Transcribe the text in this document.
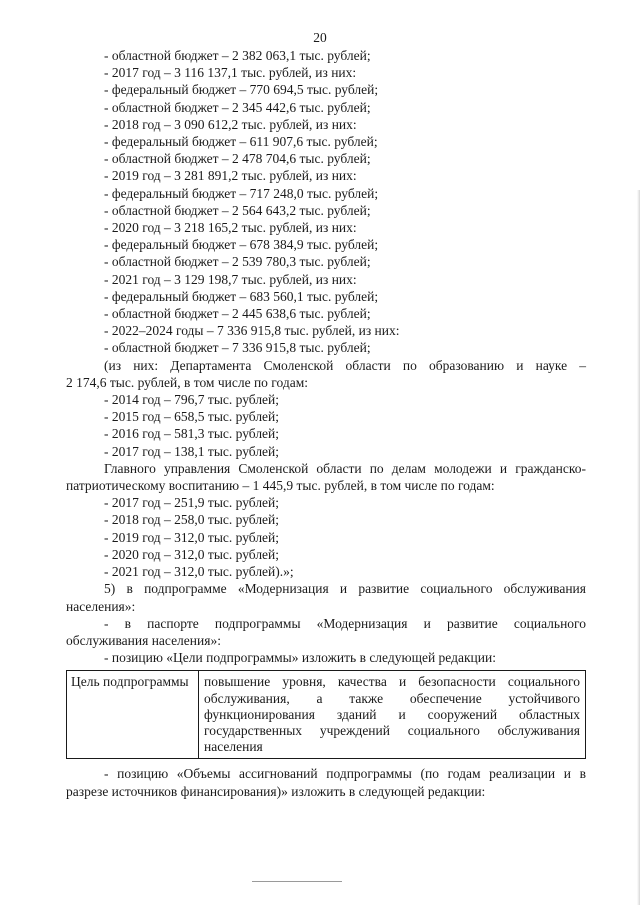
20
- областной бюджет – 2 382 063,1 тыс. рублей;
- 2017 год – 3 116 137,1 тыс. рублей, из них:
- федеральный бюджет – 770 694,5 тыс. рублей;
- областной бюджет – 2 345 442,6 тыс. рублей;
- 2018 год – 3 090 612,2 тыс. рублей, из них:
- федеральный бюджет – 611 907,6 тыс. рублей;
- областной бюджет – 2 478 704,6 тыс. рублей;
- 2019 год – 3 281 891,2 тыс. рублей, из них:
- федеральный бюджет – 717 248,0 тыс. рублей;
- областной бюджет – 2 564 643,2 тыс. рублей;
- 2020 год – 3 218 165,2 тыс. рублей, из них:
- федеральный бюджет – 678 384,9 тыс. рублей;
- областной бюджет – 2 539 780,3 тыс. рублей;
- 2021 год – 3 129 198,7 тыс. рублей, из них:
- федеральный бюджет – 683 560,1 тыс. рублей;
- областной бюджет – 2 445 638,6 тыс. рублей;
- 2022–2024 годы – 7 336 915,8 тыс. рублей, из них:
- областной бюджет – 7 336 915,8 тыс. рублей;
(из них: Департамента Смоленской области по образованию и науке –
2 174,6 тыс. рублей, в том числе по годам:
- 2014 год – 796,7 тыс. рублей;
- 2015 год – 658,5 тыс. рублей;
- 2016 год – 581,3 тыс. рублей;
- 2017 год – 138,1 тыс. рублей;
Главного управления Смоленской области по делам молодежи и гражданско-
патриотическому воспитанию – 1 445,9 тыс. рублей, в том числе по годам:
- 2017 год – 251,9 тыс. рублей;
- 2018 год – 258,0 тыс. рублей;
- 2019 год – 312,0 тыс. рублей;
- 2020 год – 312,0 тыс. рублей;
- 2021 год – 312,0 тыс. рублей).»;
5) в подпрограмме «Модернизация и развитие социального обслуживания
населения»:
- в паспорте подпрограммы «Модернизация и развитие социального
обслуживания населения»:
- позицию «Цели подпрограммы» изложить в следующей редакции:
Цель подпрограммы	повышение уровня, качества и безопасности социального обслуживания, а также обеспечение устойчивого функционирования зданий и сооружений областных государственных учреждений социального обслуживания населения
- позицию «Объемы ассигнований подпрограммы (по годам реализации и в
разрезе источников финансирования)» изложить в следующей редакции:
